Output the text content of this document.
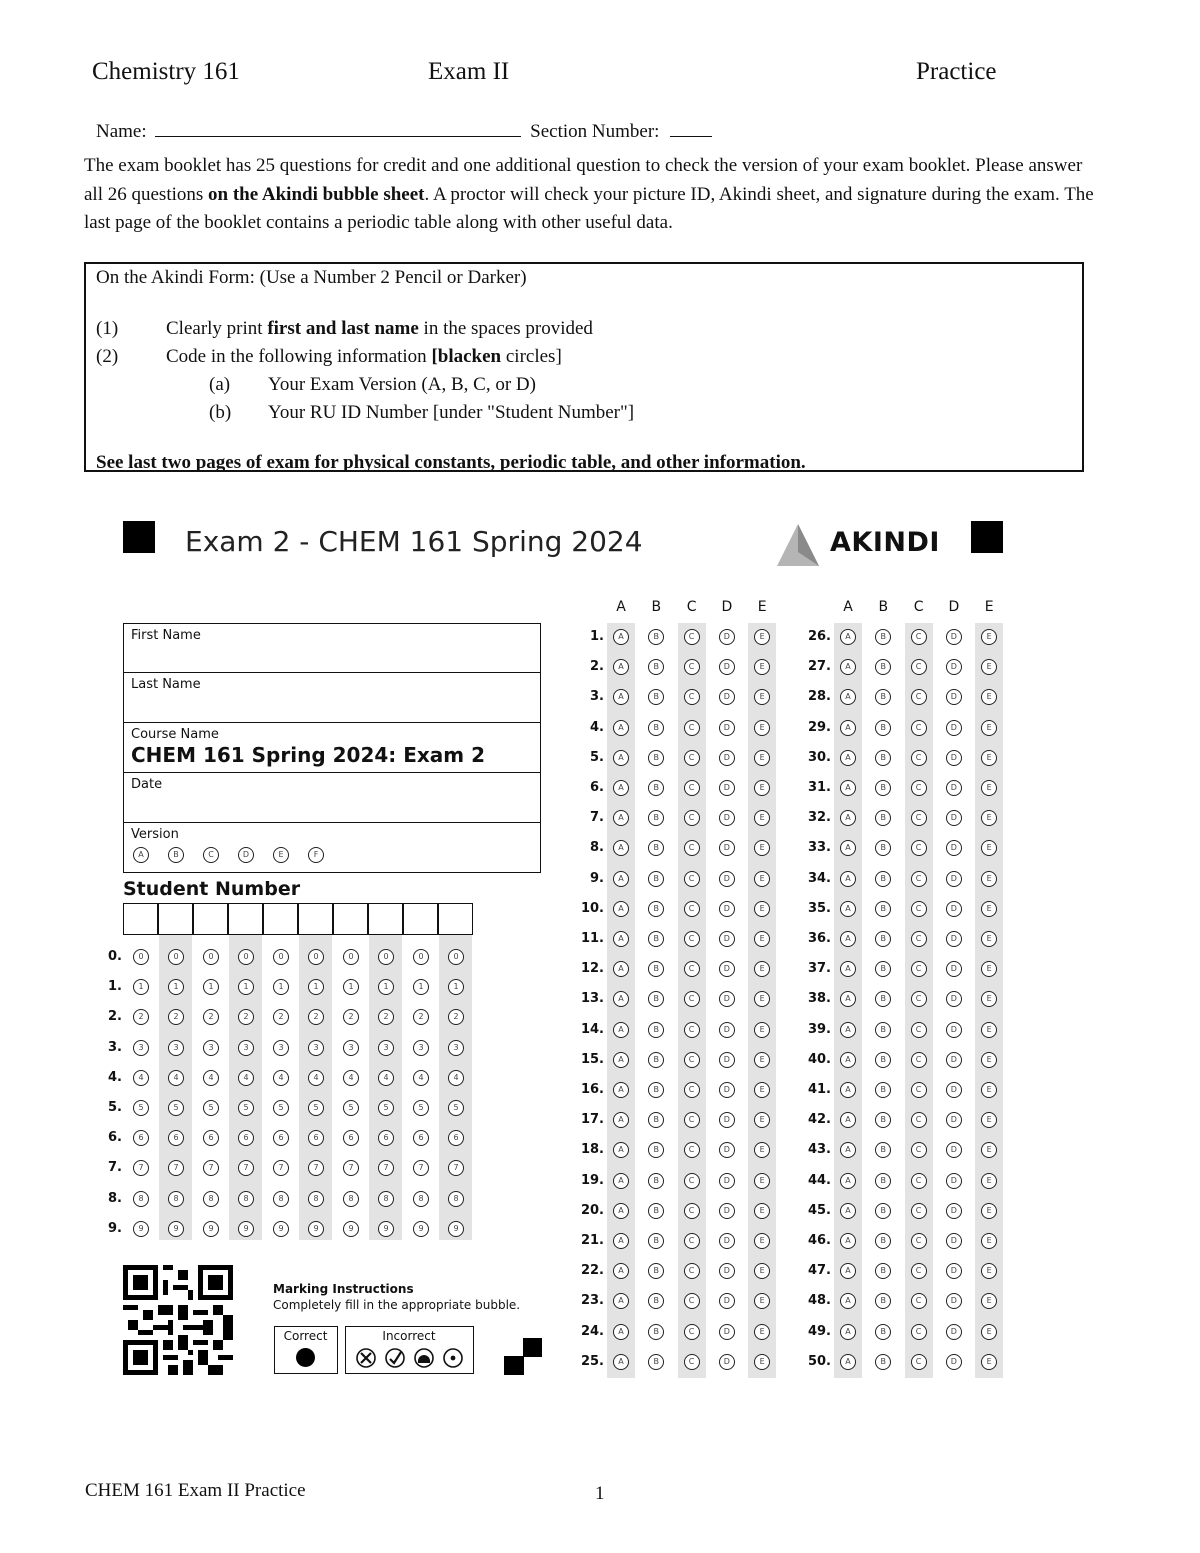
Chemistry 161	Exam II	Practice
Name:	Section Number:
The exam booklet has 25 questions for credit and one additional question to check the version of your exam booklet. Please answer all 26 questions on the Akindi bubble sheet. A proctor will check your picture ID, Akindi sheet, and signature during the exam. The last page of the booklet contains a periodic table along with other useful data.
On the Akindi Form: (Use a Number 2 Pencil or Darker)
(1)	Clearly print first and last name in the spaces provided
(2)	Code in the following information [blacken circles]
(a) Your Exam Version (A, B, C, or D)
(b) Your RU ID Number [under "Student Number"]
See last two pages of exam for physical constants, periodic table, and other information.
Exam 2 - CHEM 161 Spring 2024	AKINDI
First Name
Last Name
Course Name
CHEM 161 Spring 2024: Exam 2
Date
Version
Student Number
Marking Instructions
Completely fill in the appropriate bubble.
Correct	Incorrect
CHEM 161 Exam II Practice	1
A	B	C	D	E	F
0.	0	0	0	0	0	0	0	0	0	0
1.	1	1	1	1	1	1	1	1	1	1
2.	2	2	2	2	2	2	2	2	2	2
3.	3	3	3	3	3	3	3	3	3	3
4.	4	4	4	4	4	4	4	4	4	4
5.	5	5	5	5	5	5	5	5	5	5
6.	6	6	6	6	6	6	6	6	6	6
7.	7	7	7	7	7	7	7	7	7	7
8.	8	8	8	8	8	8	8	8	8	8
9.	9	9	9	9	9	9	9	9	9	9
A	B	C	D	E
1.	A	B	C	D	E
2.	A	B	C	D	E
3.	A	B	C	D	E
4.	A	B	C	D	E
5.	A	B	C	D	E
6.	A	B	C	D	E
7.	A	B	C	D	E
8.	A	B	C	D	E
9.	A	B	C	D	E
10.	A	B	C	D	E
11.	A	B	C	D	E
12.	A	B	C	D	E
13.	A	B	C	D	E
14.	A	B	C	D	E
15.	A	B	C	D	E
16.	A	B	C	D	E
17.	A	B	C	D	E
18.	A	B	C	D	E
19.	A	B	C	D	E
20.	A	B	C	D	E
21.	A	B	C	D	E
22.	A	B	C	D	E
23.	A	B	C	D	E
24.	A	B	C	D	E
25.	A	B	C	D	E
A	B	C	D	E
26.	A	B	C	D	E
27.	A	B	C	D	E
28.	A	B	C	D	E
29.	A	B	C	D	E
30.	A	B	C	D	E
31.	A	B	C	D	E
32.	A	B	C	D	E
33.	A	B	C	D	E
34.	A	B	C	D	E
35.	A	B	C	D	E
36.	A	B	C	D	E
37.	A	B	C	D	E
38.	A	B	C	D	E
39.	A	B	C	D	E
40.	A	B	C	D	E
41.	A	B	C	D	E
42.	A	B	C	D	E
43.	A	B	C	D	E
44.	A	B	C	D	E
45.	A	B	C	D	E
46.	A	B	C	D	E
47.	A	B	C	D	E
48.	A	B	C	D	E
49.	A	B	C	D	E
50.	A	B	C	D	E
